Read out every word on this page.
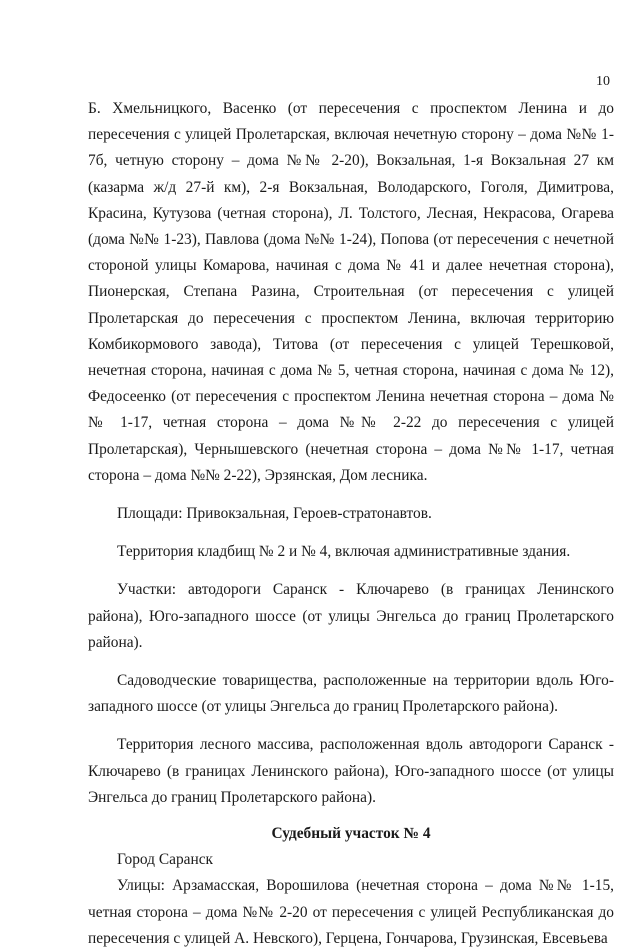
10

Б. Хмельницкого, Васенко (от пересечения с проспектом Ленина и до пересечения с улицей Пролетарская, включая нечетную сторону – дома №№ 1-7б, четную сторону – дома №№ 2-20), Вокзальная, 1-я Вокзальная 27 км (казарма ж/д 27-й км), 2-я Вокзальная, Володарского, Гоголя, Димитрова, Красина, Кутузова (четная сторона), Л. Толстого, Лесная, Некрасова, Огарева (дома №№ 1-23), Павлова (дома №№ 1-24), Попова (от пересечения с нечетной стороной улицы Комарова, начиная с дома № 41 и далее нечетная сторона), Пионерская, Степана Разина, Строительная (от пересечения с улицей Пролетарская до пересечения с проспектом Ленина, включая территорию Комбикормового завода), Титова (от пересечения с улицей Терешковой, нечетная сторона, начиная с дома № 5, четная сторона, начиная с дома № 12), Федосеенко (от пересечения с проспектом Ленина нечетная сторона – дома №№ 1-17, четная сторона – дома №№ 2-22 до пересечения с улицей Пролетарская), Чернышевского (нечетная сторона – дома №№ 1-17, четная сторона – дома №№ 2-22), Эрзянская, Дом лесника.

Площади: Привокзальная, Героев-стратонавтов.

Территория кладбищ № 2 и № 4, включая административные здания.

Участки: автодороги Саранск - Ключарево (в границах Ленинского района), Юго-западного шоссе (от улицы Энгельса до границ Пролетарского района).

Садоводческие товарищества, расположенные на территории вдоль Юго-западного шоссе (от улицы Энгельса до границ Пролетарского района).

Территория лесного массива, расположенная вдоль автодороги Саранск - Ключарево (в границах Ленинского района), Юго-западного шоссе (от улицы Энгельса до границ Пролетарского района).

Судебный участок № 4

Город Саранск

Улицы: Арзамасская, Ворошилова (нечетная сторона – дома №№ 1-15, четная сторона – дома №№ 2-20 от пересечения с улицей Республиканская до пересечения с улицей А. Невского), Герцена, Гончарова, Грузинская, Евсевьева
